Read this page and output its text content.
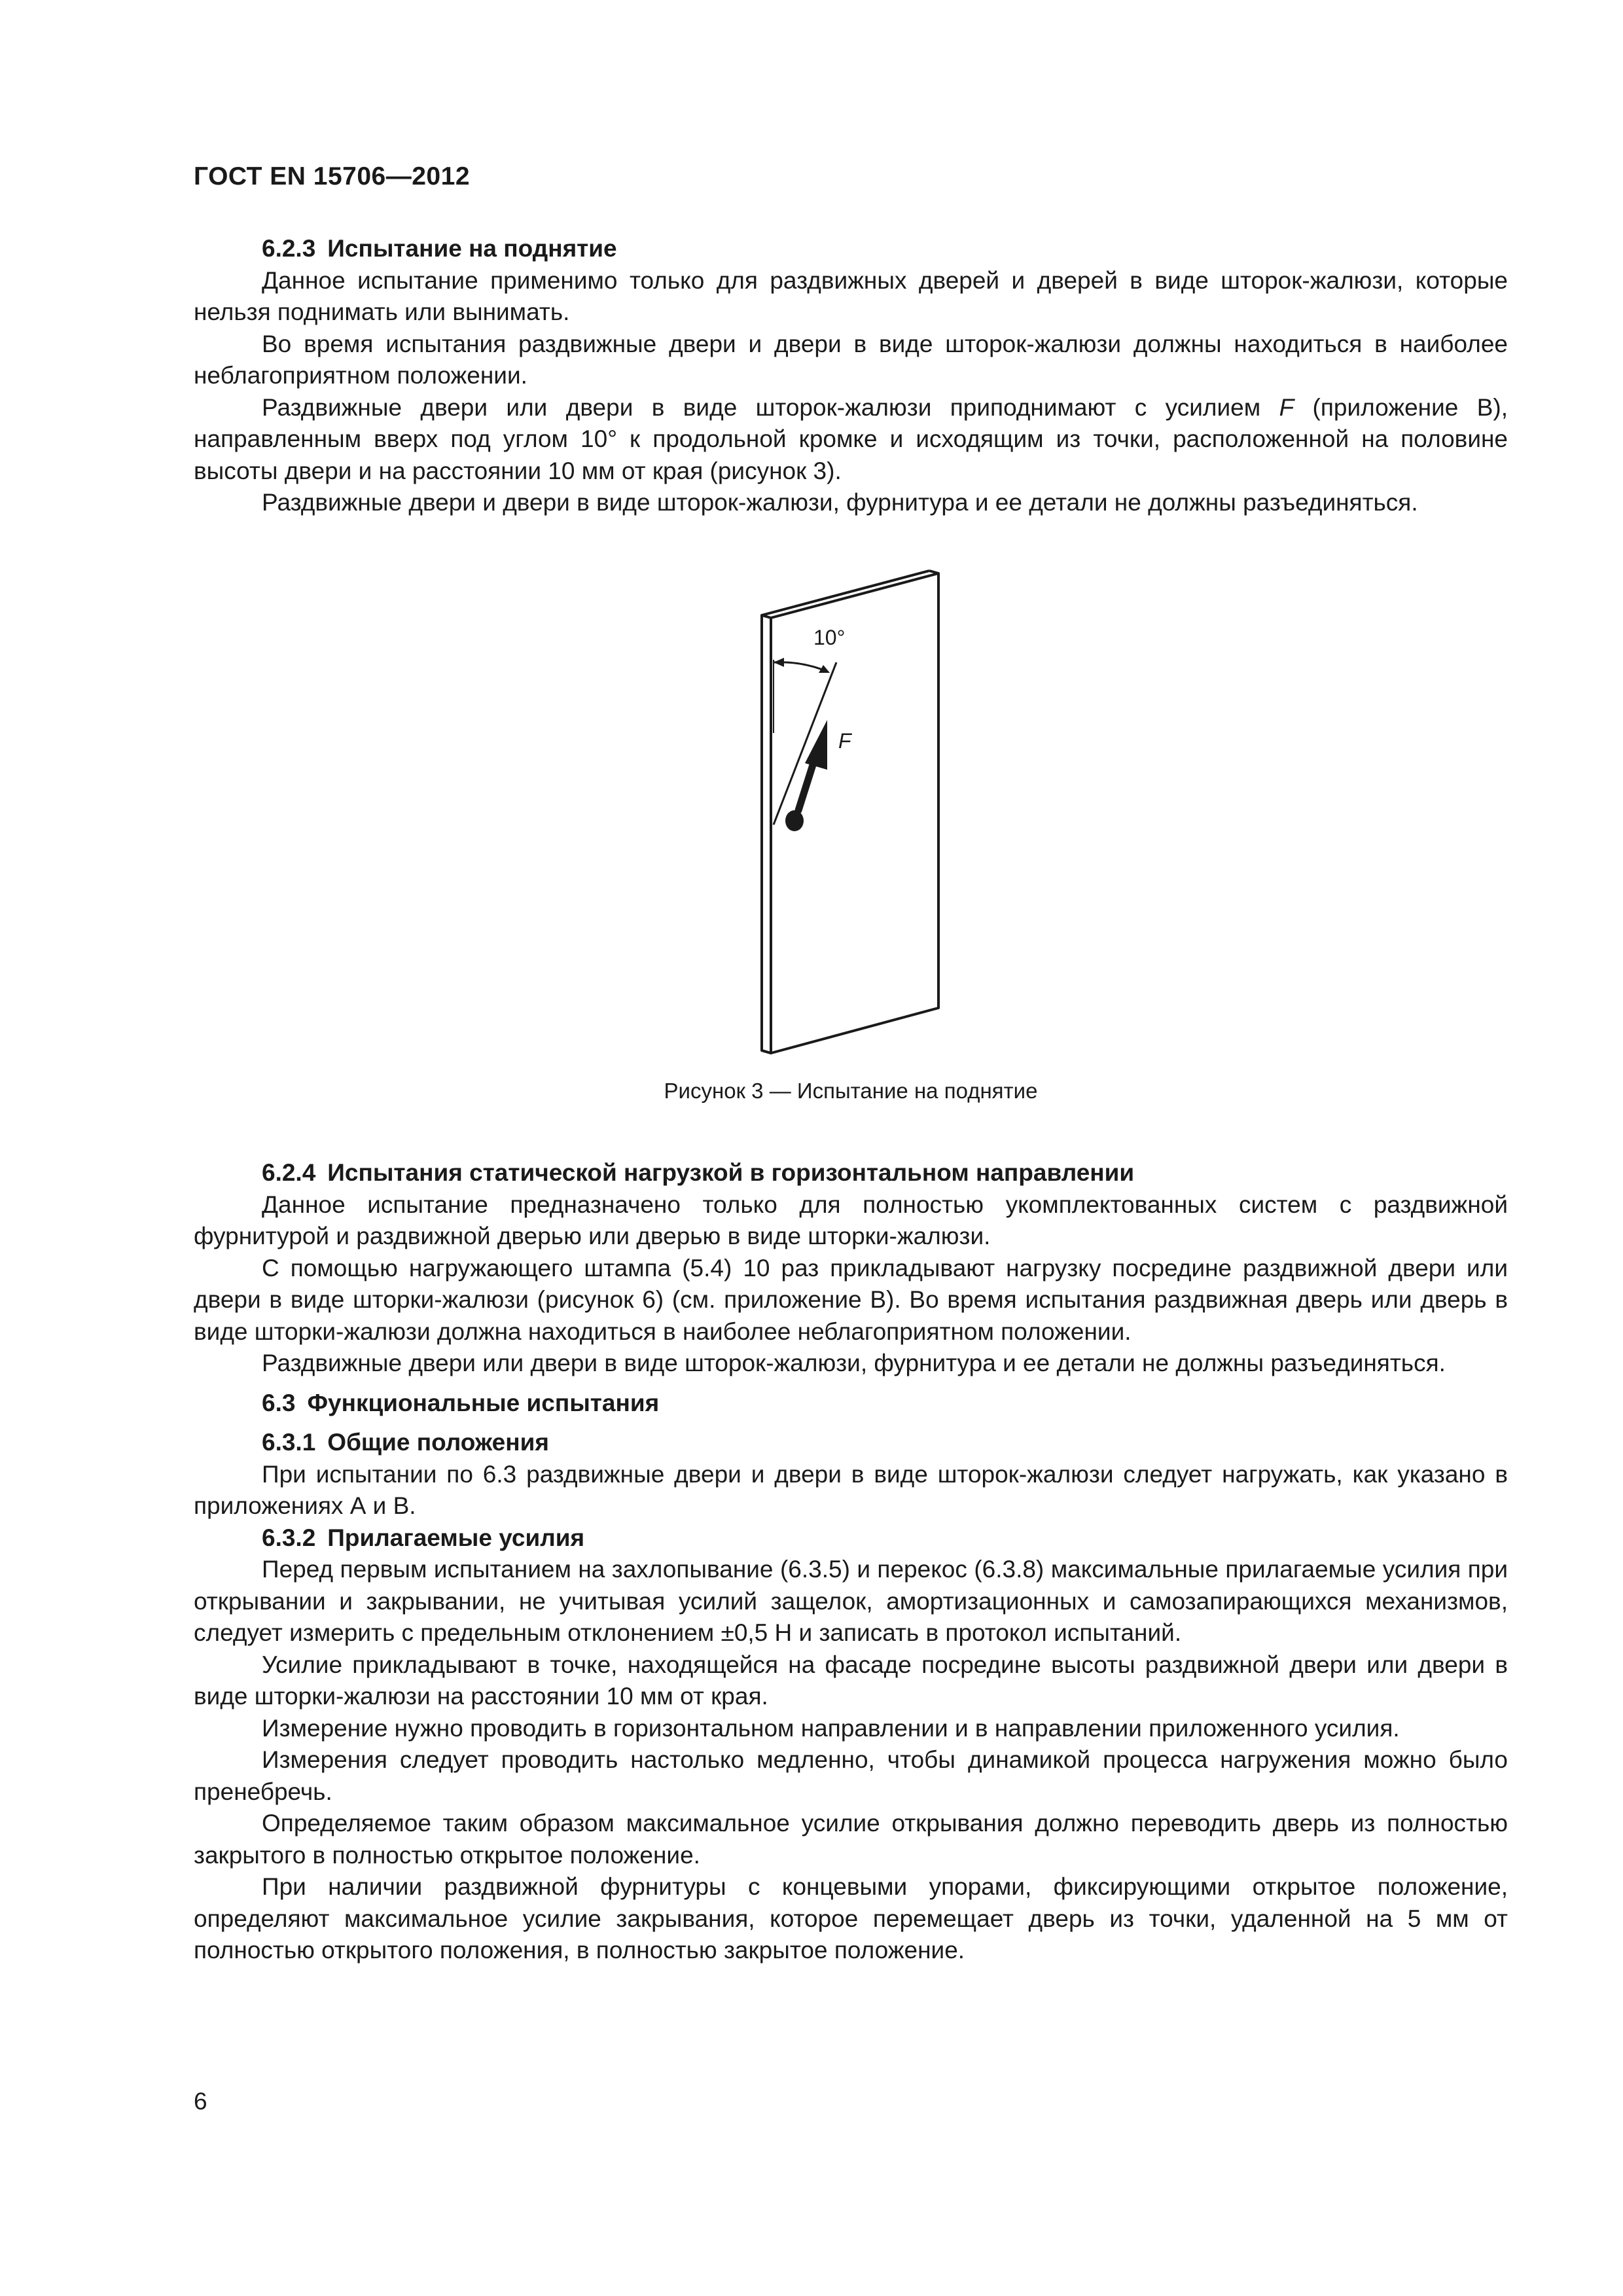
ГОСТ EN 15706—2012
6.2.3 Испытание на поднятие

Данное испытание применимо только для раздвижных дверей и дверей в виде шторок-жалюзи, которые нельзя поднимать или вынимать.

Во время испытания раздвижные двери и двери в виде шторок-жалюзи должны находиться в наиболее неблагоприятном положении.

Раздвижные двери или двери в виде шторок-жалюзи приподнимают с усилием F (приложение В), направленным вверх под углом 10° к продольной кромке и исходящим из точки, расположенной на половине высоты двери и на расстоянии 10 мм от края (рисунок 3).

Раздвижные двери и двери в виде шторок-жалюзи, фурнитура и ее детали не должны разъединяться.

10°
F
Рисунок 3 — Испытание на поднятие
6.2.4 Испытания статической нагрузкой в горизонтальном направлении

Данное испытание предназначено только для полностью укомплектованных систем с раздвижной фурнитурой и раздвижной дверью или дверью в виде шторки-жалюзи.

С помощью нагружающего штампа (5.4) 10 раз прикладывают нагрузку посредине раздвижной двери или двери в виде шторки-жалюзи (рисунок 6) (см. приложение В). Во время испытания раздвижная дверь или дверь в виде шторки-жалюзи должна находиться в наиболее неблагоприятном положении.

Раздвижные двери или двери в виде шторок-жалюзи, фурнитура и ее детали не должны разъединяться.

6.3 Функциональные испытания
6.3.1 Общие положения

При испытании по 6.3 раздвижные двери и двери в виде шторок-жалюзи следует нагружать, как указано в приложениях А и В.

6.3.2 Прилагаемые усилия

Перед первым испытанием на захлопывание (6.3.5) и перекос (6.3.8) максимальные прилагаемые усилия при открывании и закрывании, не учитывая усилий защелок, амортизационных и самозапирающихся механизмов, следует измерить с предельным отклонением ±0,5 Н и записать в протокол испытаний.

Усилие прикладывают в точке, находящейся на фасаде посредине высоты раздвижной двери или двери в виде шторки-жалюзи на расстоянии 10 мм от края.

Измерение нужно проводить в горизонтальном направлении и в направлении приложенного усилия.

Измерения следует проводить настолько медленно, чтобы динамикой процесса нагружения можно было пренебречь.

Определяемое таким образом максимальное усилие открывания должно переводить дверь из полностью закрытого в полностью открытое положение.

При наличии раздвижной фурнитуры с концевыми упорами, фиксирующими открытое положение, определяют максимальное усилие закрывания, которое перемещает дверь из точки, удаленной на 5 мм от полностью открытого положения, в полностью закрытое положение.

6
